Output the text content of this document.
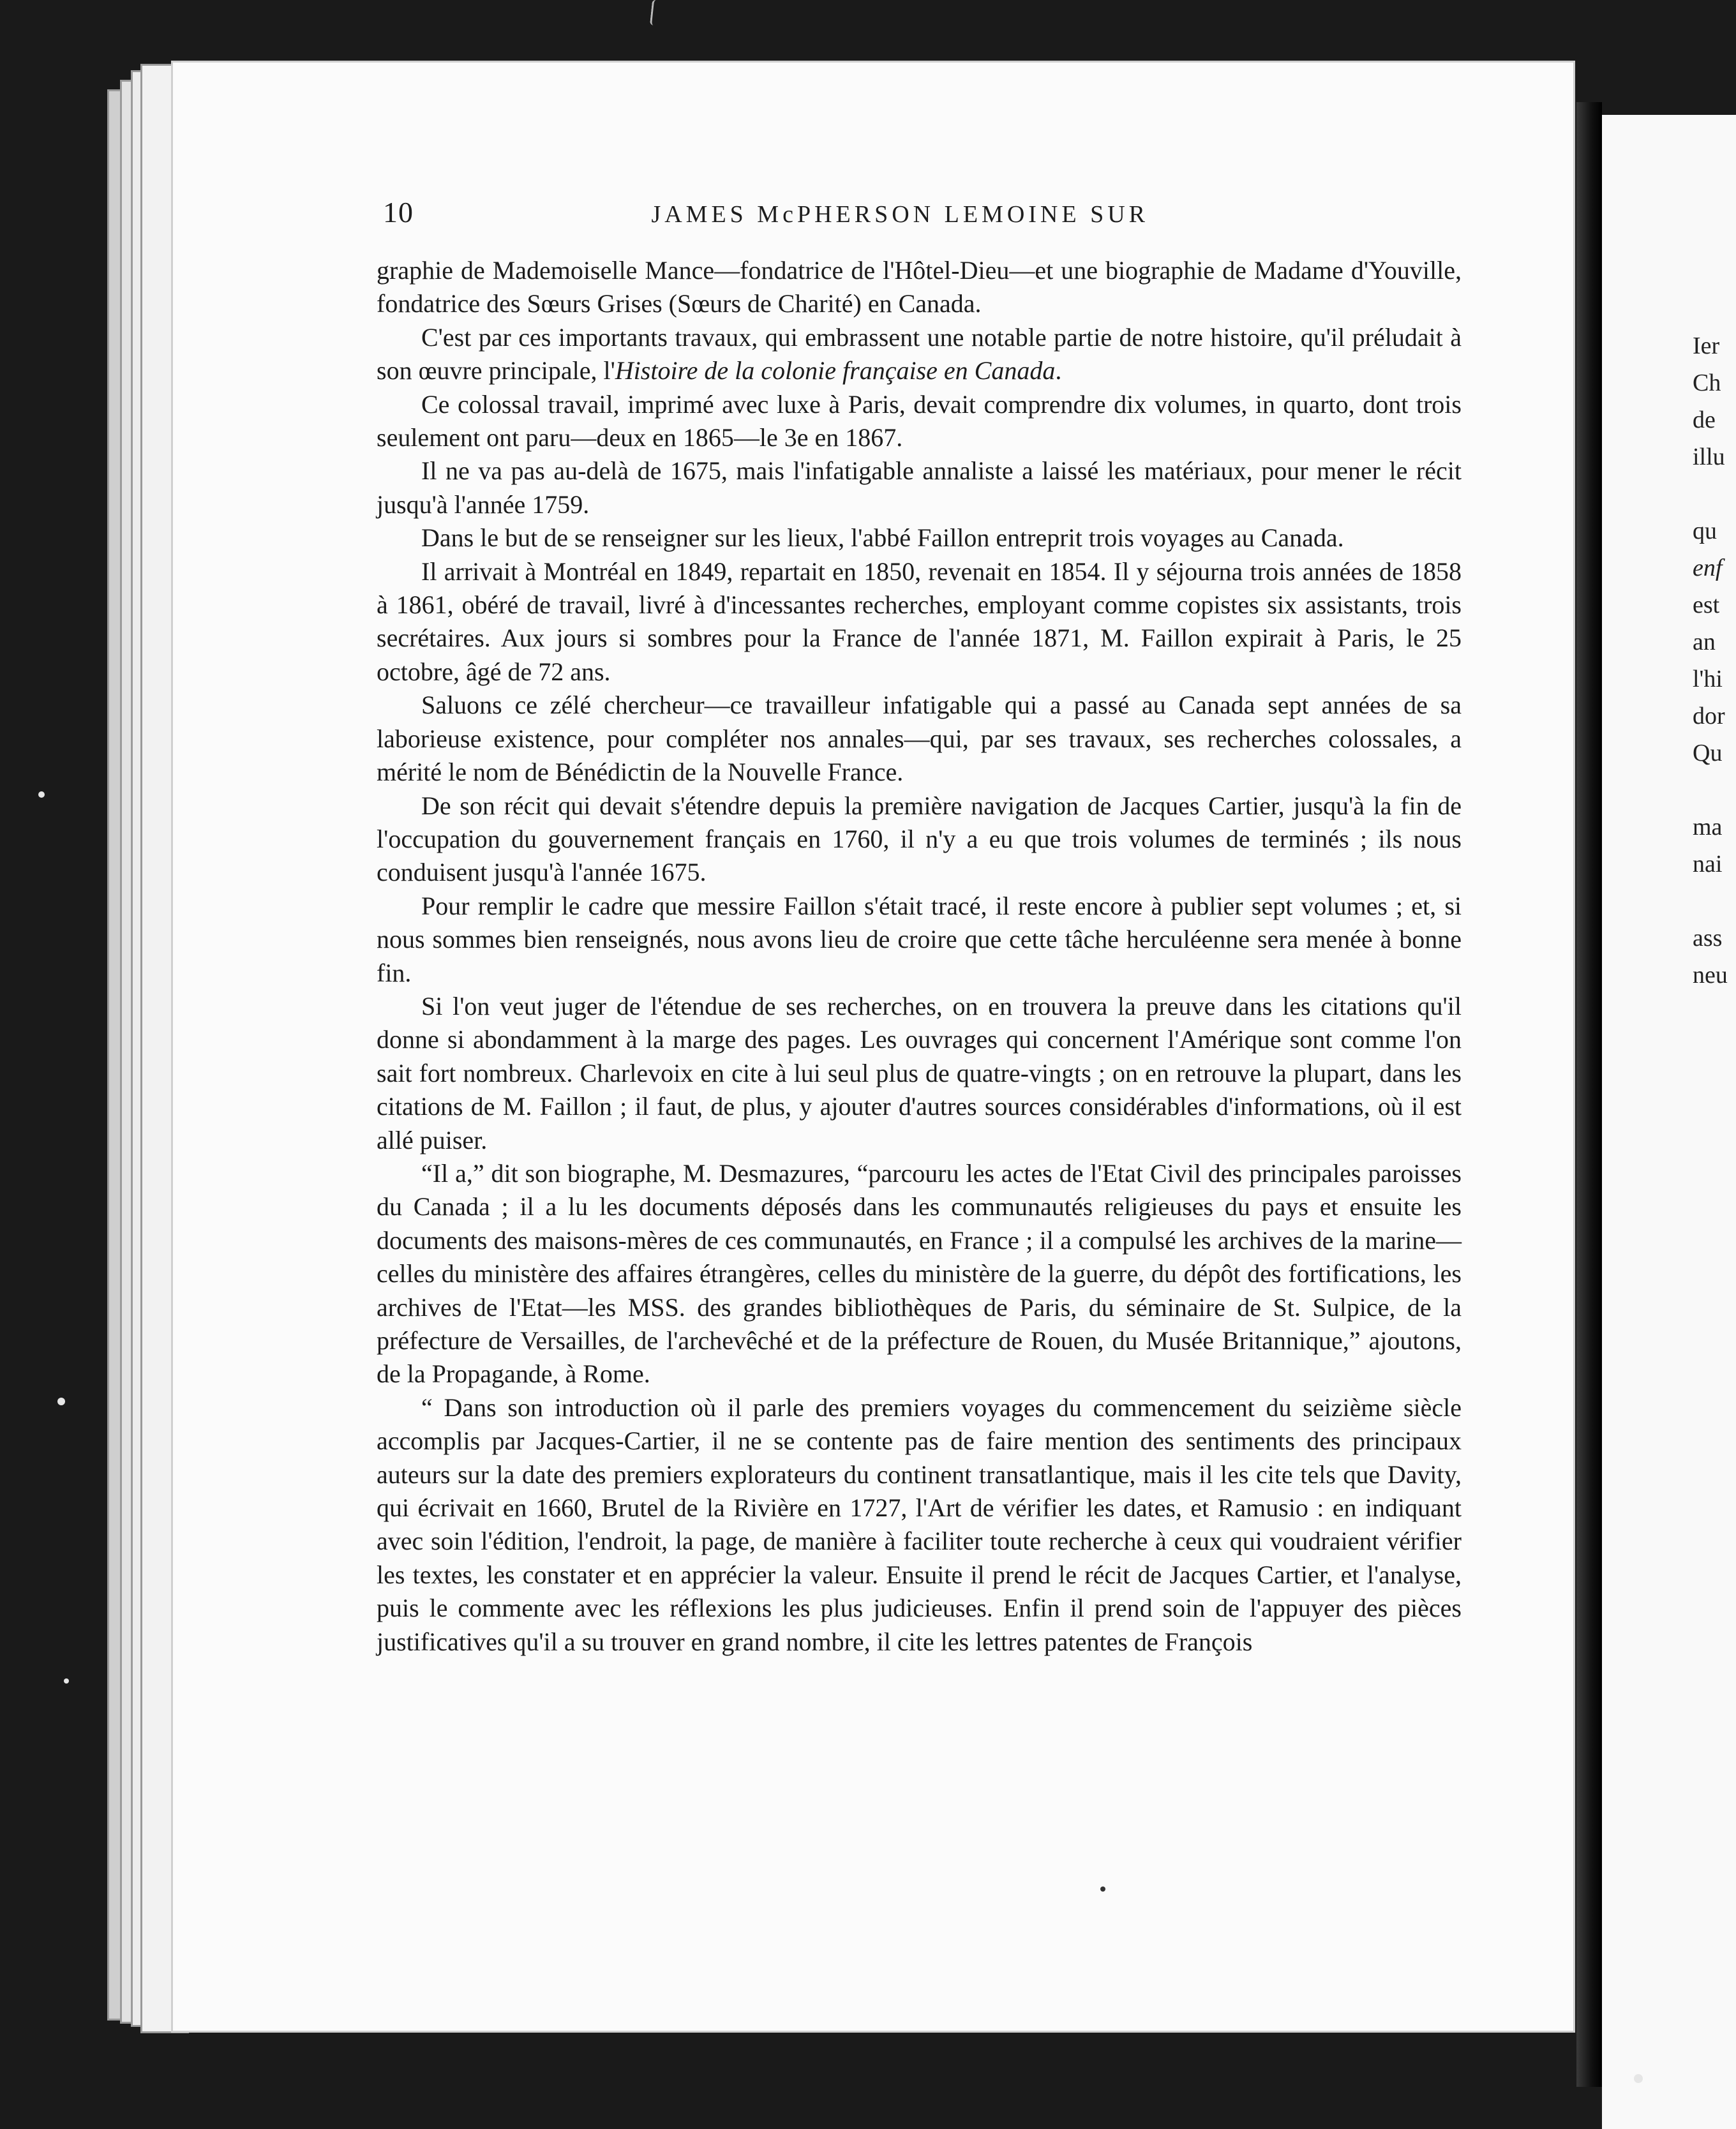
Ier
Ch
de
illu
qu
enf
est
an
l'hi
dor
Qu
ma
nai
ass
neu
10	JAMES McPHERSON LEMOINE SUR

graphie de Mademoiselle Mance—fondatrice de l'Hôtel-Dieu—et une biographie de Madame d'Youville, fondatrice des Sœurs Grises (Sœurs de Charité) en Canada.

C'est par ces importants travaux, qui embrassent une notable partie de notre histoire, qu'il préludait à son œuvre principale, l'Histoire de la colonie française en Canada.

Ce colossal travail, imprimé avec luxe à Paris, devait comprendre dix volumes, in quarto, dont trois seulement ont paru—deux en 1865—le 3e en 1867.

Il ne va pas au-delà de 1675, mais l'infatigable annaliste a laissé les matériaux, pour mener le récit jusqu'à l'année 1759.

Dans le but de se renseigner sur les lieux, l'abbé Faillon entreprit trois voyages au Canada.

Il arrivait à Montréal en 1849, repartait en 1850, revenait en 1854. Il y séjourna trois années de 1858 à 1861, obéré de travail, livré à d'incessantes recherches, employant comme copistes six assistants, trois secrétaires. Aux jours si sombres pour la France de l'année 1871, M. Faillon expirait à Paris, le 25 octobre, âgé de 72 ans.

Saluons ce zélé chercheur—ce travailleur infatigable qui a passé au Canada sept années de sa laborieuse existence, pour compléter nos annales—qui, par ses travaux, ses recherches colossales, a mérité le nom de Bénédictin de la Nouvelle France.

De son récit qui devait s'étendre depuis la première navigation de Jacques Cartier, jusqu'à la fin de l'occupation du gouvernement français en 1760, il n'y a eu que trois volumes de terminés ; ils nous conduisent jusqu'à l'année 1675.

Pour remplir le cadre que messire Faillon s'était tracé, il reste encore à publier sept volumes ; et, si nous sommes bien renseignés, nous avons lieu de croire que cette tâche herculéenne sera menée à bonne fin.

Si l'on veut juger de l'étendue de ses recherches, on en trouvera la preuve dans les citations qu'il donne si abondamment à la marge des pages. Les ouvrages qui concernent l'Amérique sont comme l'on sait fort nombreux. Charlevoix en cite à lui seul plus de quatre-vingts ; on en retrouve la plupart, dans les citations de M. Faillon ; il faut, de plus, y ajouter d'autres sources considérables d'informations, où il est allé puiser.

“Il a,” dit son biographe, M. Desmazures, “parcouru les actes de l'Etat Civil des principales paroisses du Canada ; il a lu les documents déposés dans les communautés religieuses du pays et ensuite les documents des maisons-mères de ces communautés, en France ; il a compulsé les archives de la marine—celles du ministère des affaires étrangères, celles du ministère de la guerre, du dépôt des fortifications, les archives de l'Etat—les MSS. des grandes bibliothèques de Paris, du séminaire de St. Sulpice, de la préfecture de Versailles, de l'archevêché et de la préfecture de Rouen, du Musée Britannique,” ajoutons, de la Propagande, à Rome.

“ Dans son introduction où il parle des premiers voyages du commencement du seizième siècle accomplis par Jacques-Cartier, il ne se contente pas de faire mention des sentiments des principaux auteurs sur la date des premiers explorateurs du continent transatlantique, mais il les cite tels que Davity, qui écrivait en 1660, Brutel de la Rivière en 1727, l'Art de vérifier les dates, et Ramusio : en indiquant avec soin l'édition, l'endroit, la page, de manière à faciliter toute recherche à ceux qui voudraient vérifier les textes, les constater et en apprécier la valeur. Ensuite il prend le récit de Jacques Cartier, et l'analyse, puis le commente avec les réflexions les plus judicieuses. Enfin il prend soin de l'appuyer des pièces justificatives qu'il a su trouver en grand nombre, il cite les lettres patentes de François
